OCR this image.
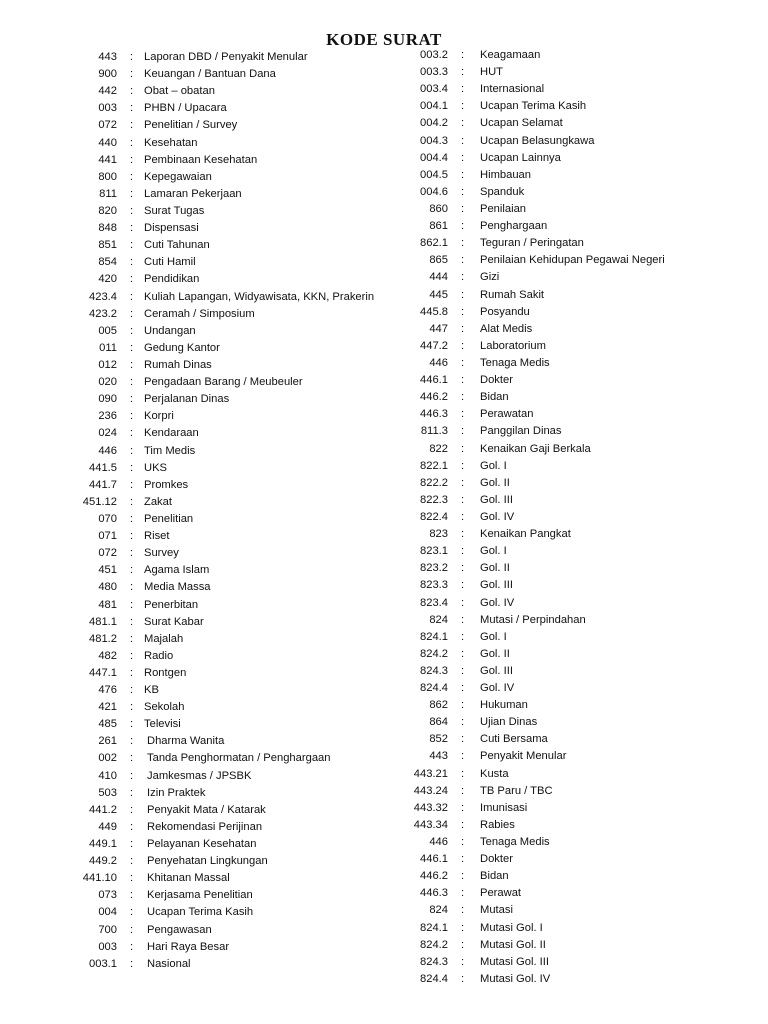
KODE SURAT
443 : Laporan DBD / Penyakit Menular
900 : Keuangan / Bantuan Dana
442 : Obat – obatan
003 : PHBN / Upacara
072 : Penelitian / Survey
440 : Kesehatan
441 : Pembinaan Kesehatan
800 : Kepegawaian
811 : Lamaran Pekerjaan
820 : Surat Tugas
848 : Dispensasi
851 : Cuti Tahunan
854 : Cuti Hamil
420 : Pendidikan
423.4 : Kuliah Lapangan, Widyawisata, KKN, Prakerin
423.2 : Ceramah / Simposium
005 : Undangan
011 : Gedung Kantor
012 : Rumah Dinas
020 : Pengadaan Barang / Meubeuler
090 : Perjalanan Dinas
236 : Korpri
024 : Kendaraan
446 : Tim Medis
441.5 : UKS
441.7 : Promkes
451.12 : Zakat
070 : Penelitian
071 : Riset
072 : Survey
451 : Agama Islam
480 : Media Massa
481 : Penerbitan
481.1 : Surat Kabar
481.2 : Majalah
482 : Radio
447.1 : Rontgen
476 : KB
421 : Sekolah
485 : Televisi
261 : Dharma Wanita
002 : Tanda Penghormatan / Penghargaan
410 : Jamkesmas / JPSBK
503 : Izin Praktek
441.2 : Penyakit Mata / Katarak
449 : Rekomendasi Perijinan
449.1 : Pelayanan Kesehatan
449.2 : Penyehatan Lingkungan
441.10 : Khitanan Massal
073 : Kerjasama Penelitian
004 : Ucapan Terima Kasih
700 : Pengawasan
003 : Hari Raya Besar
003.1 : Nasional
003.2 : Keagamaan
003.3 : HUT
003.4 : Internasional
004.1 : Ucapan Terima Kasih
004.2 : Ucapan Selamat
004.3 : Ucapan Belasungkawa
004.4 : Ucapan Lainnya
004.5 : Himbauan
004.6 : Spanduk
860 : Penilaian
861 : Penghargaan
862.1 : Teguran / Peringatan
865 : Penilaian Kehidupan Pegawai Negeri
444 : Gizi
445 : Rumah Sakit
445.8 : Posyandu
447 : Alat Medis
447.2 : Laboratorium
446 : Tenaga Medis
446.1 : Dokter
446.2 : Bidan
446.3 : Perawatan
811.3 : Panggilan Dinas
822 : Kenaikan Gaji Berkala
822.1 : Gol. I
822.2 : Gol. II
822.3 : Gol. III
822.4 : Gol. IV
823 : Kenaikan Pangkat
823.1 : Gol. I
823.2 : Gol. II
823.3 : Gol. III
823.4 : Gol. IV
824 : Mutasi / Perpindahan
824.1 : Gol. I
824.2 : Gol. II
824.3 : Gol. III
824.4 : Gol. IV
862 : Hukuman
864 : Ujian Dinas
852 : Cuti Bersama
443 : Penyakit Menular
443.21 : Kusta
443.24 : TB Paru / TBC
443.32 : Imunisasi
443.34 : Rabies
446 : Tenaga Medis
446.1 : Dokter
446.2 : Bidan
446.3 : Perawat
824 : Mutasi
824.1 : Mutasi Gol. I
824.2 : Mutasi Gol. II
824.3 : Mutasi Gol. III
824.4 : Mutasi Gol. IV
